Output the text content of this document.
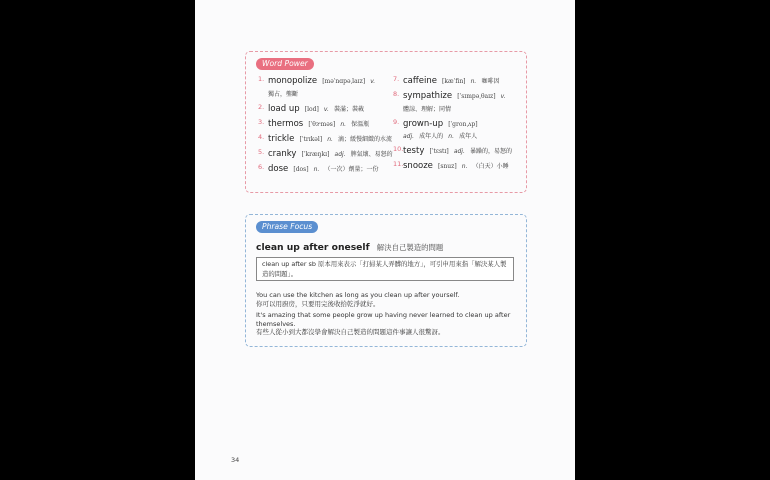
Word Power
1. monopolize [məˈnɑpəˌlaɪz] v.
獨占，壟斷
2. load up [lod] v. 裝滿；裝載
3. thermos [ˈθɝməs] n. 保溫瓶
4. trickle [ˈtrɪkəl] n. 滴；緩慢細緻的水流
5. cranky [ˈkræŋkɪ] adj. 脾氣壞、易怒的
6. dose [dos] n. （一次）劑量；一份
7. caffeine [kæˈfin] n. 咖啡因
8. sympathize [ˈsɪmpəˌθaɪz] v.
體諒、理解；同情
9. grown-up [ˈgronˌʌp]
adj. 成年人的 n. 成年人
10. testy [ˈtɛstɪ] adj. 暴躁的，易怒的
11. snooze [snuz] n. （白天）小睡
Phrase Focus
clean up after oneself 解決自己製造的問題
clean up after sb 原本用來表示「打掃某人弄髒的地方」，可引申用來指「解決某人製造的問題」。
You can use the kitchen as long as you clean up after yourself.
你可以用廚房，只要用完後收拾乾淨就好。
It's amazing that some people grow up having never learned to clean up after themselves.
有些人從小到大都沒學會解決自己製造的問題這件事讓人很驚訝。
34
